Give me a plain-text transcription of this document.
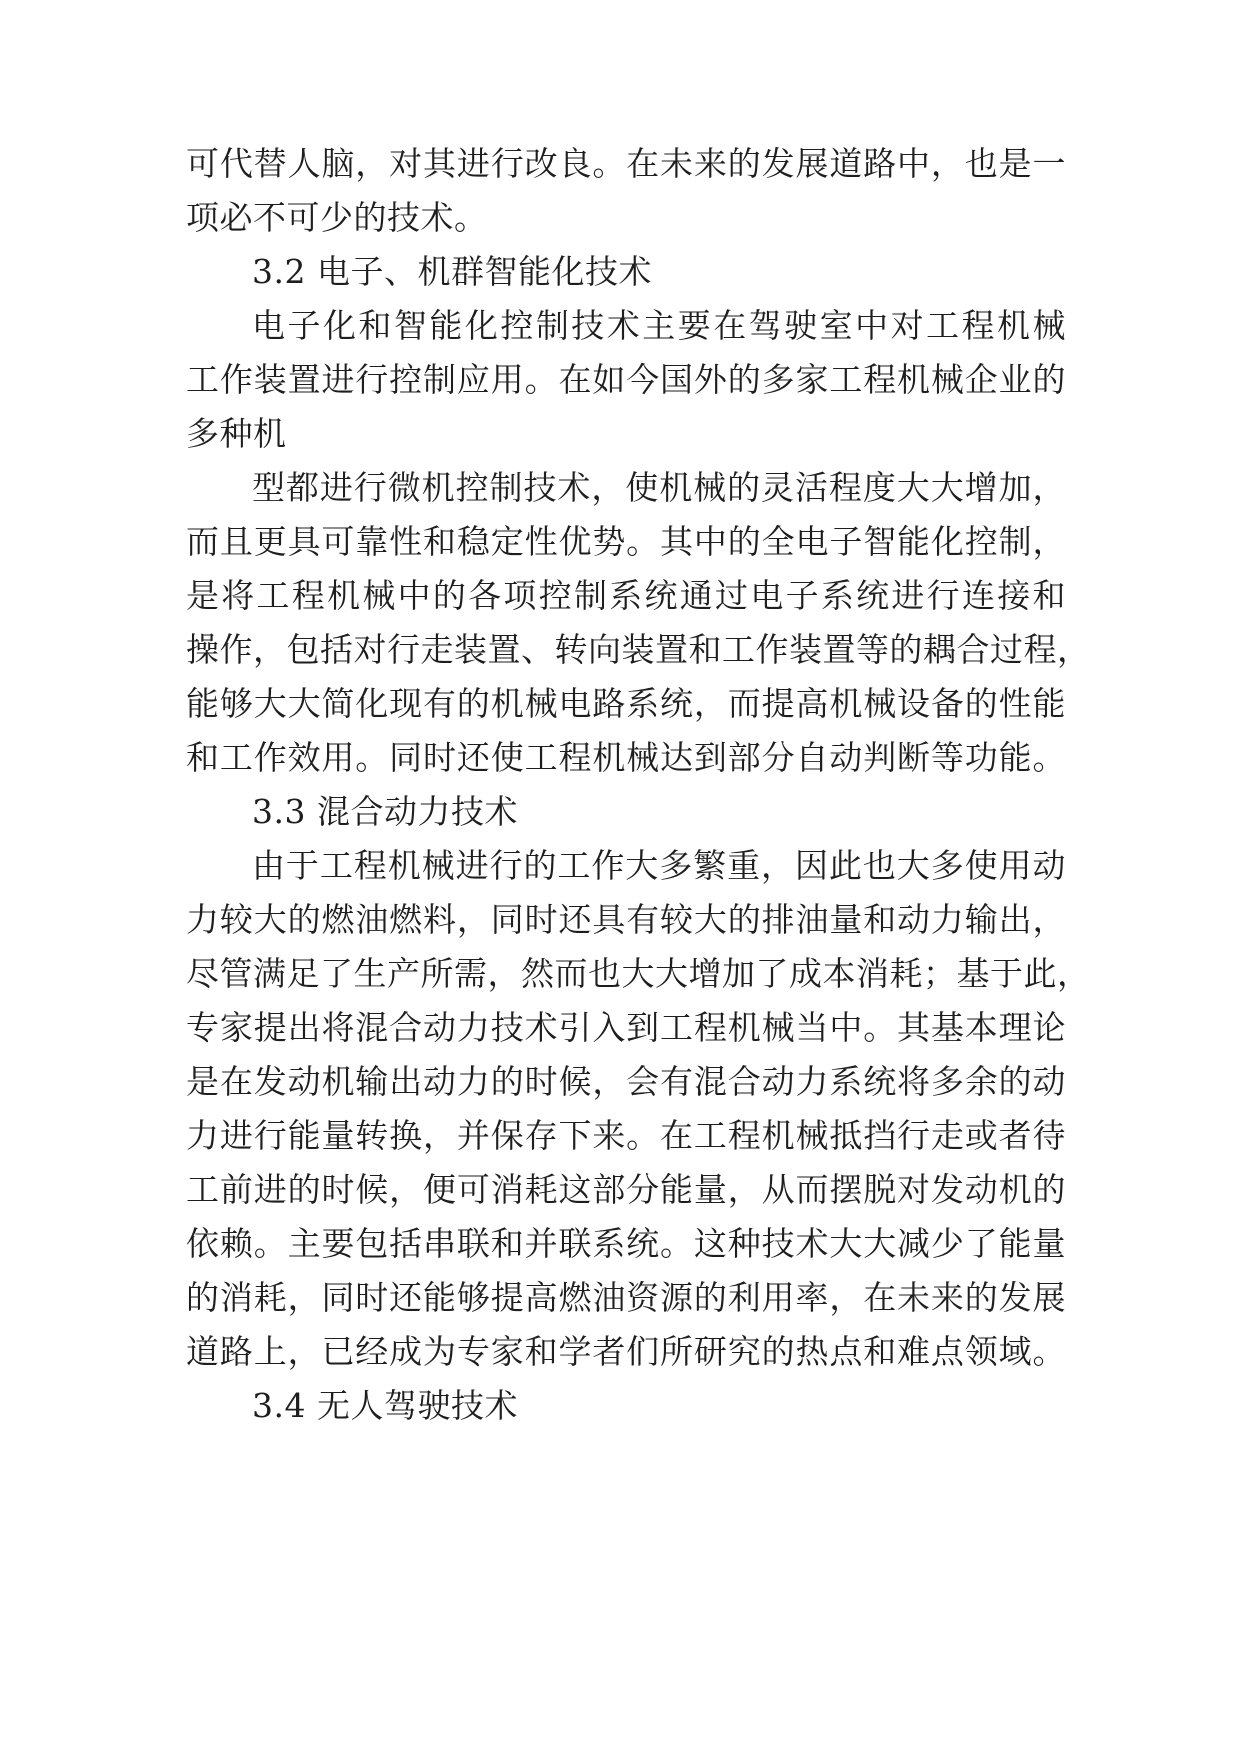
可代替人脑，对其进行改良。在未来的发展道路中，也是一
项必不可少的技术。
3.2 电子、机群智能化技术
电子化和智能化控制技术主要在驾驶室中对工程机械
工作装置进行控制应用。在如今国外的多家工程机械企业的
多种机
型都进行微机控制技术，使机械的灵活程度大大增加，
而且更具可靠性和稳定性优势。其中的全电子智能化控制，
是将工程机械中的各项控制系统通过电子系统进行连接和
操作，包括对行走装置、转向装置和工作装置等的耦合过程，
能够大大简化现有的机械电路系统，而提高机械设备的性能
和工作效用。同时还使工程机械达到部分自动判断等功能。
3.3 混合动力技术
由于工程机械进行的工作大多繁重，因此也大多使用动
力较大的燃油燃料，同时还具有较大的排油量和动力输出，
尽管满足了生产所需，然而也大大增加了成本消耗；基于此，
专家提出将混合动力技术引入到工程机械当中。其基本理论
是在发动机输出动力的时候，会有混合动力系统将多余的动
力进行能量转换，并保存下来。在工程机械抵挡行走或者待
工前进的时候，便可消耗这部分能量，从而摆脱对发动机的
依赖。主要包括串联和并联系统。这种技术大大减少了能量
的消耗，同时还能够提高燃油资源的利用率，在未来的发展
道路上，已经成为专家和学者们所研究的热点和难点领域。
3.4 无人驾驶技术
